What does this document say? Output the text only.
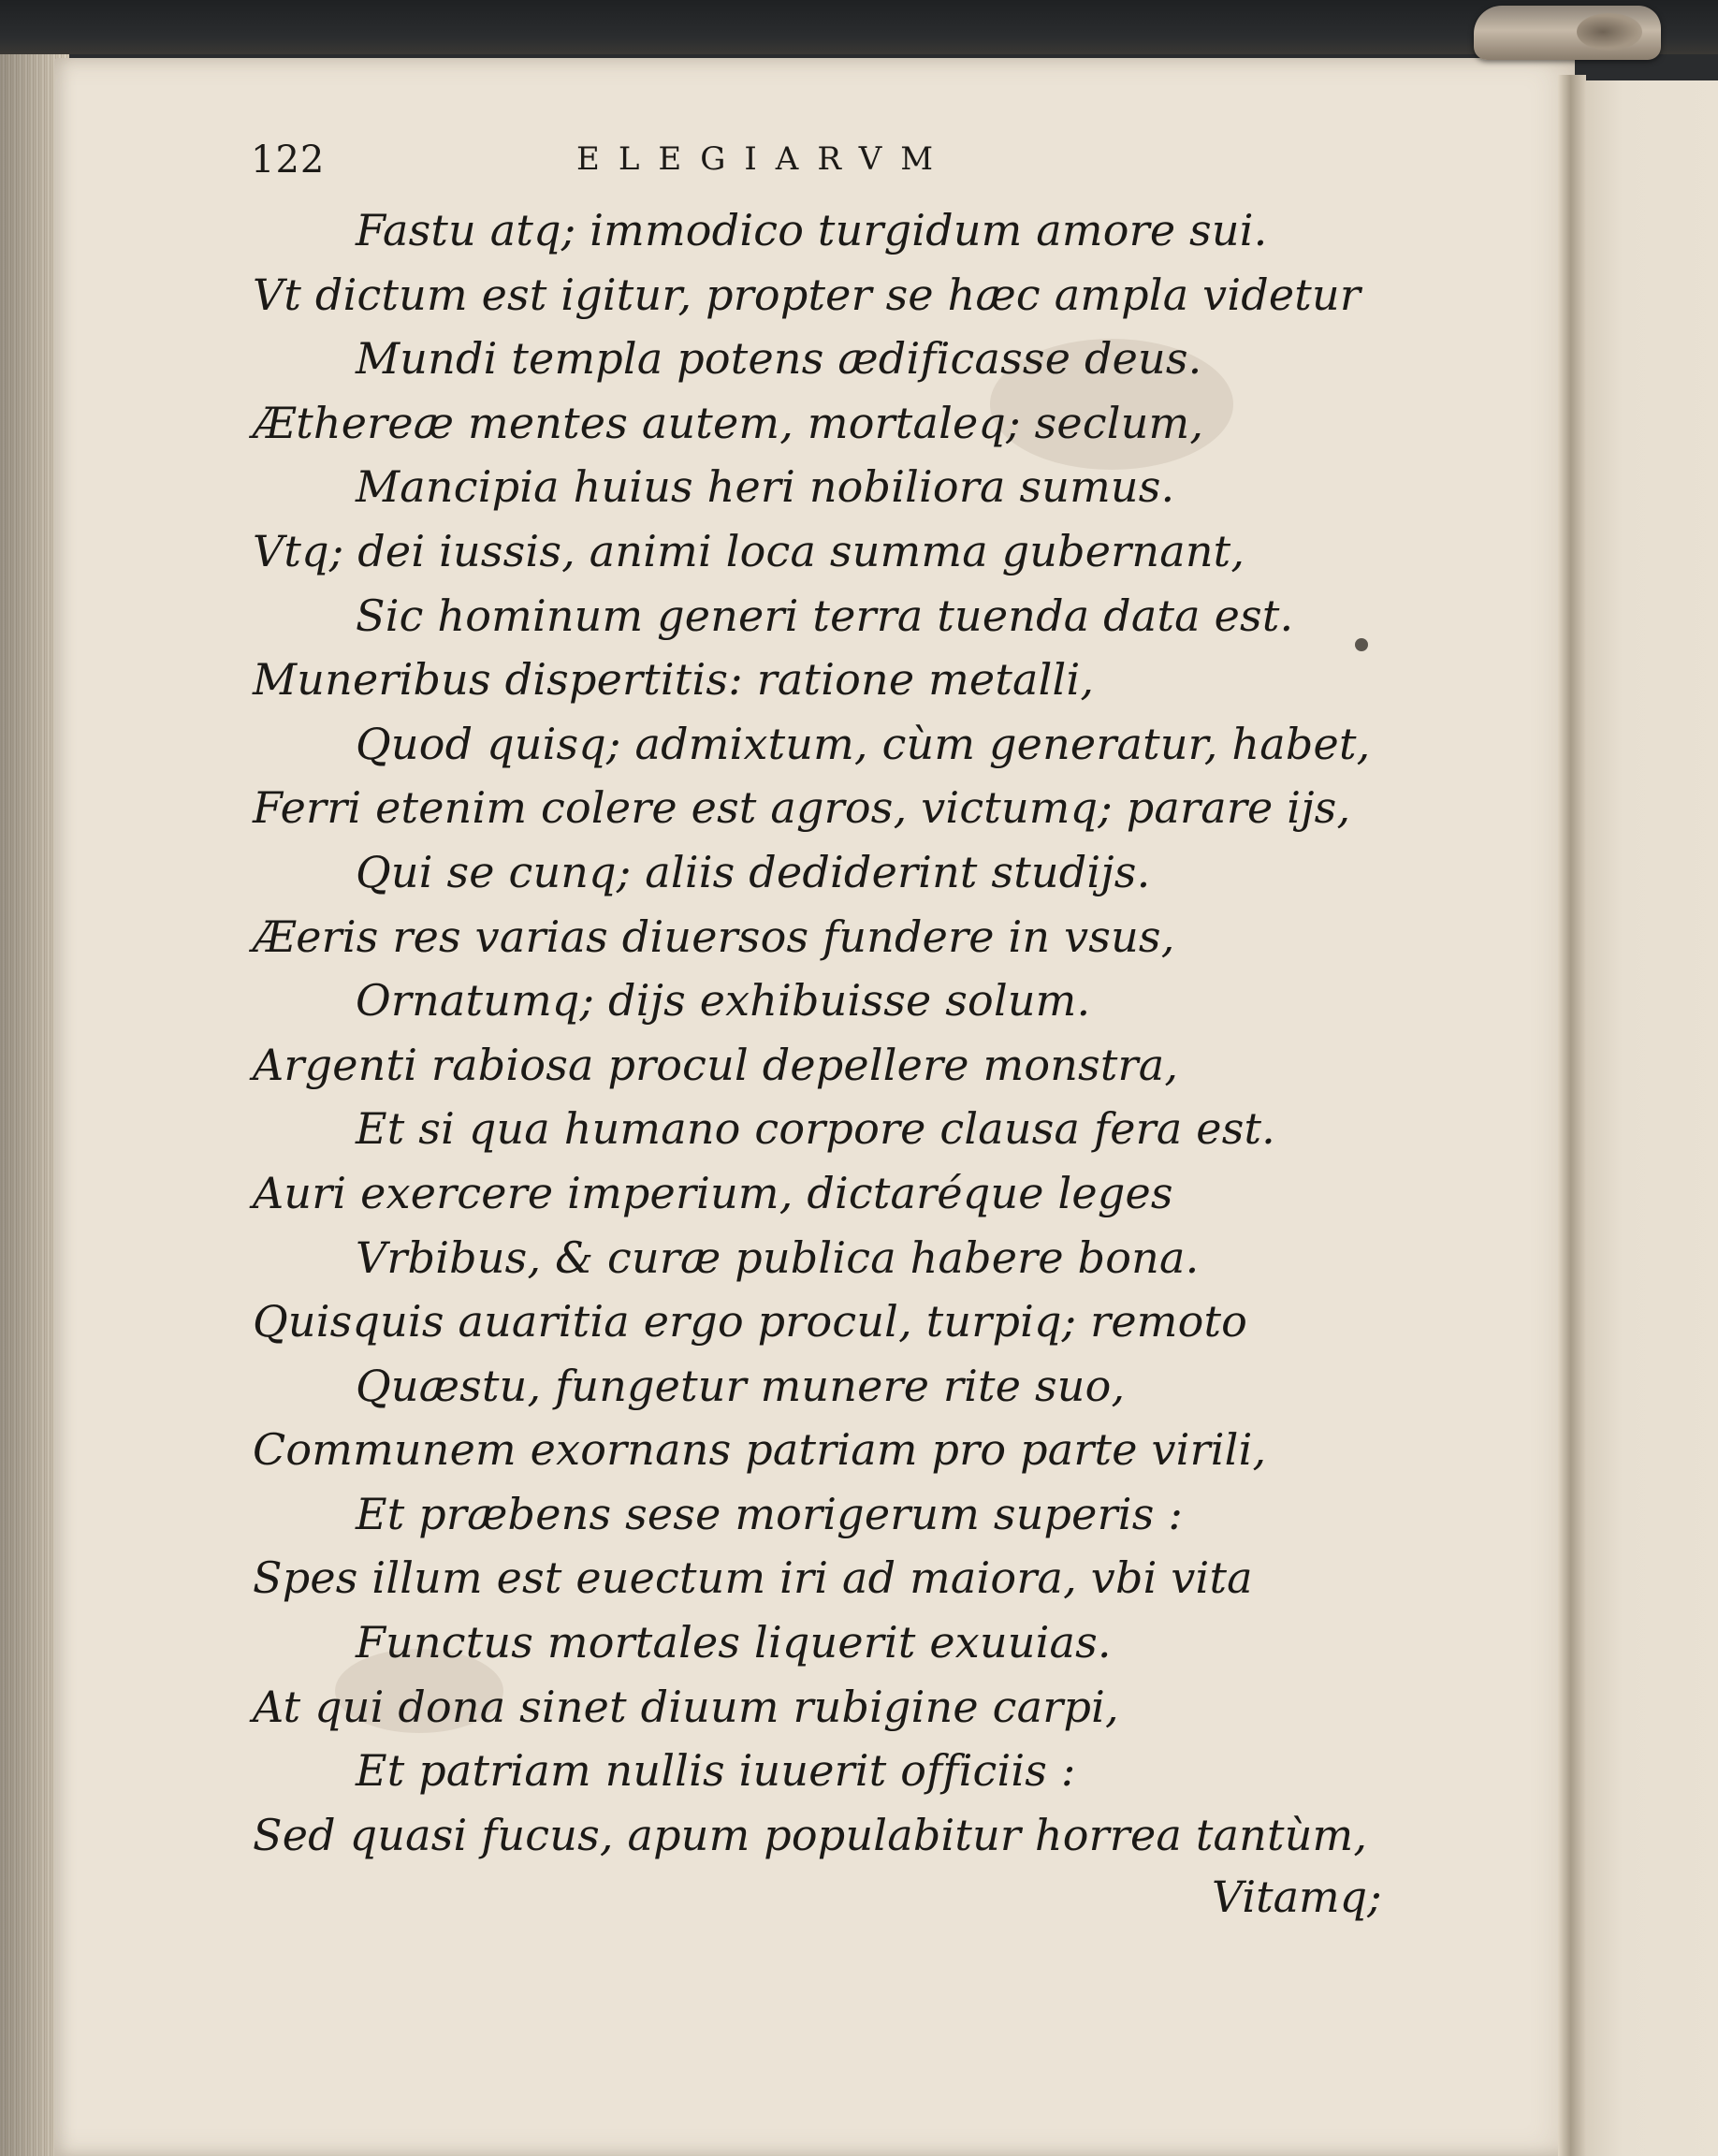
122	ELEGIARVM
Fastu atq; immodico turgidum amore sui.
Vt dictum est igitur, propter se hæc ampla videtur
Mundi templa potens ædificasse deus.
Æthereæ mentes autem, mortaleq; seclum,
Mancipia huius heri nobiliora sumus.
Vtq; dei iussis, animi loca summa gubernant,
Sic hominum generi terra tuenda data est.
Muneribus dispertitis: ratione metalli,
Quod quisq; admixtum, cùm generatur, habet,
Ferri etenim colere est agros, victumq; parare ijs,
Qui se cunq; aliis dediderint studijs.
Æeris res varias diuersos fundere in vsus,
Ornatumq; dijs exhibuisse solum.
Argenti rabiosa procul depellere monstra,
Et si qua humano corpore clausa fera est.
Auri exercere imperium, dictaréque leges
Vrbibus, & curæ publica habere bona.
Quisquis auaritia ergo procul, turpiq; remoto
Quæstu, fungetur munere rite suo,
Communem exornans patriam pro parte virili,
Et præbens sese morigerum superis :
Spes illum est euectum iri ad maiora, vbi vita
Functus mortales liquerit exuuias.
At qui dona sinet diuum rubigine carpi,
Et patriam nullis iuuerit officiis :
Sed quasi fucus, apum populabitur horrea tantùm,
Vitamq;
